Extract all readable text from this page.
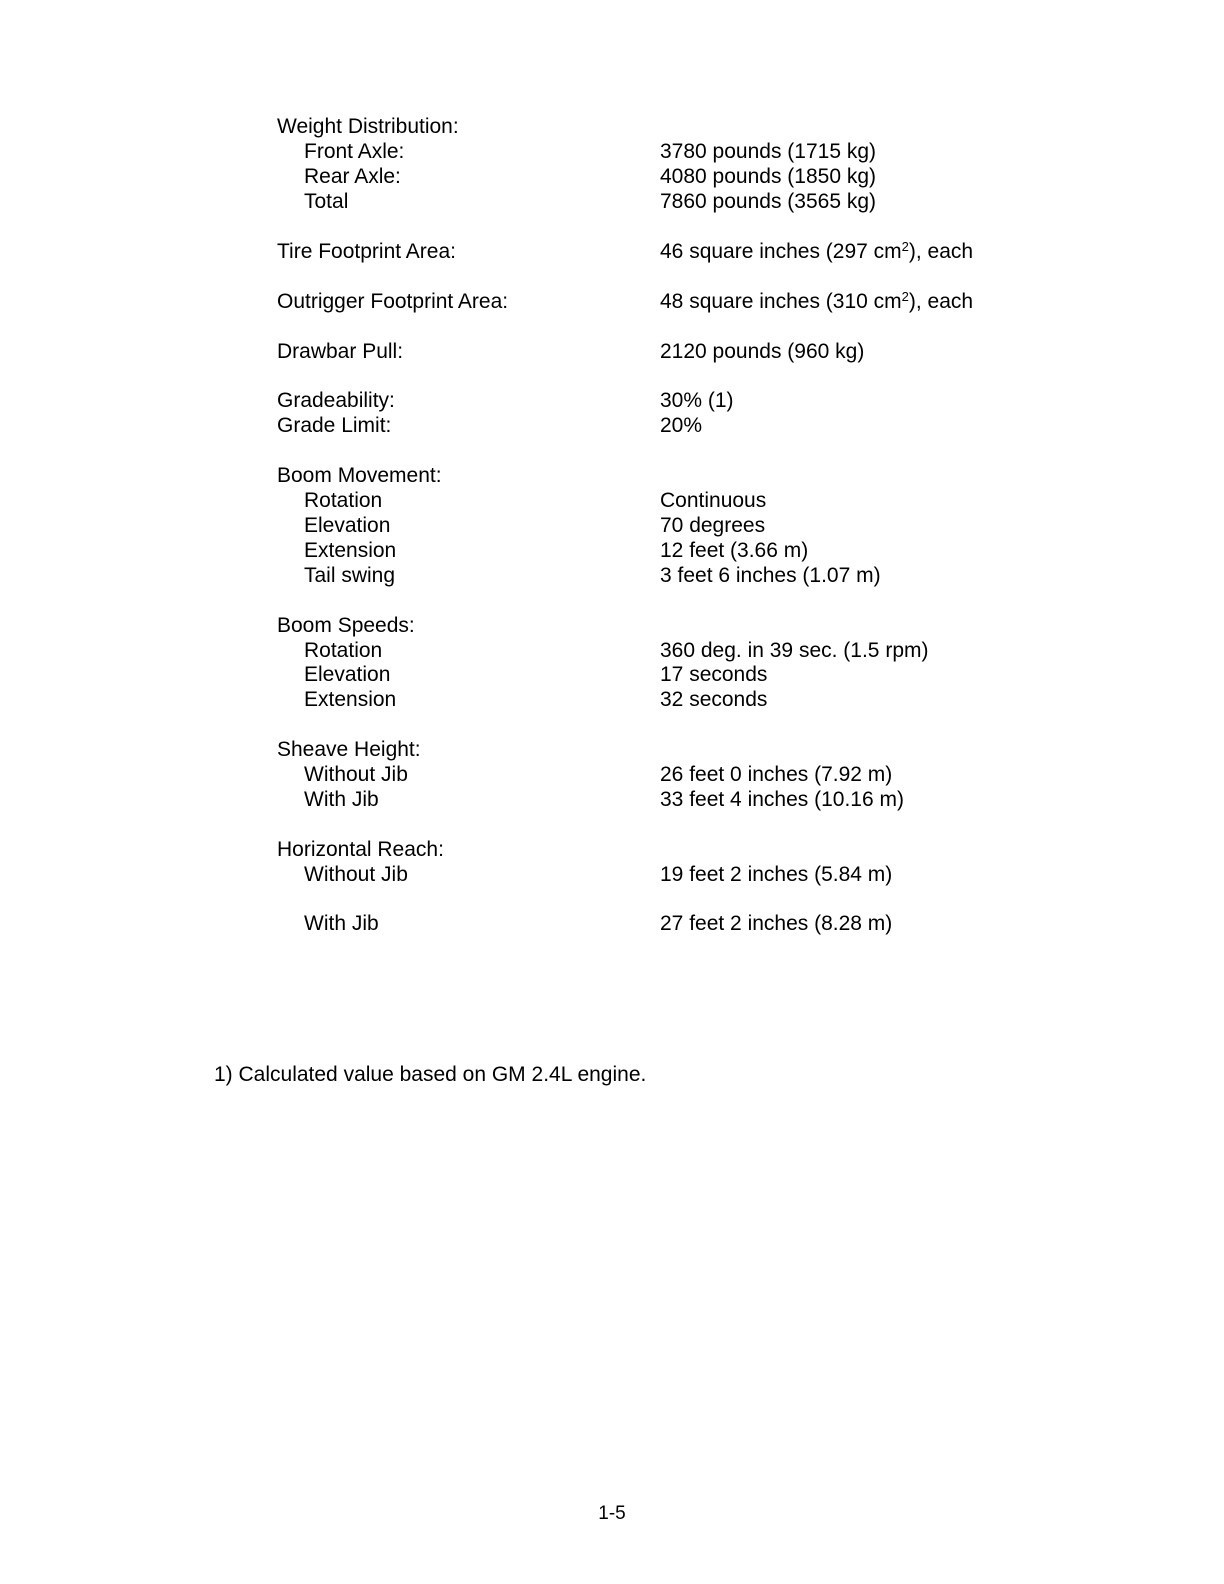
Weight Distribution:
Front Axle:	3780 pounds (1715 kg)
Rear Axle:	4080 pounds (1850 kg)
Total	7860 pounds (3565 kg)
Tire Footprint Area:	46 square inches (297 $cm^2$), each
Outrigger Footprint Area:	48 square inches (310 $cm^2$), each
Drawbar Pull:	2120 pounds (960 kg)
Gradeability:	30% (1)
Grade Limit:	20%
Boom Movement:
Rotation	Continuous
Elevation	70 degrees
Extension	12 feet (3.66 m)
Tail swing	3 feet 6 inches (1.07 m)
Boom Speeds:
Rotation	360 deg. in 39 sec. (1.5 rpm)
Elevation	17 seconds
Extension	32 seconds
Sheave Height:
Without Jib	26 feet 0 inches (7.92 m)
With Jib	33 feet 4 inches (10.16 m)
Horizontal Reach:
Without Jib	19 feet 2 inches (5.84 m)
With Jib	27 feet 2 inches (8.28 m)
1) Calculated value based on GM 2.4L engine.
1-5
